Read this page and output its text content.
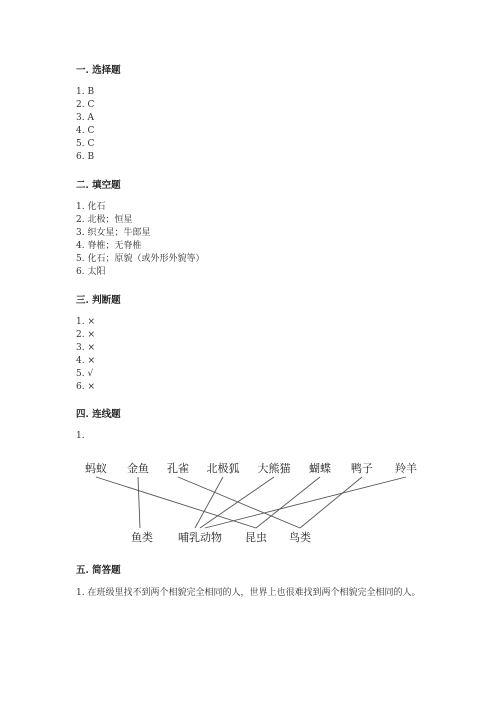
一. 选择题
1. B
2. C
3. A
4. C
5. C
6. B
二. 填空题
1. 化石
2. 北极；恒星
3. 织女星；牛郎星
4. 脊椎；无脊椎
5. 化石；原貌（或外形外貌等）
6. 太阳
三. 判断题
1. ×
2. ×
3. ×
4. ×
5. √
6. ×
四. 连线题
1.
蚂蚁 金鱼 孔雀 北极狐 大熊猫 蝴蝶 鸭子 羚羊
鱼类 哺乳动物 昆虫 鸟类
五. 简答题
1. 在班级里找不到两个相貌完全相同的人，世界上也很难找到两个相貌完全相同的人。
